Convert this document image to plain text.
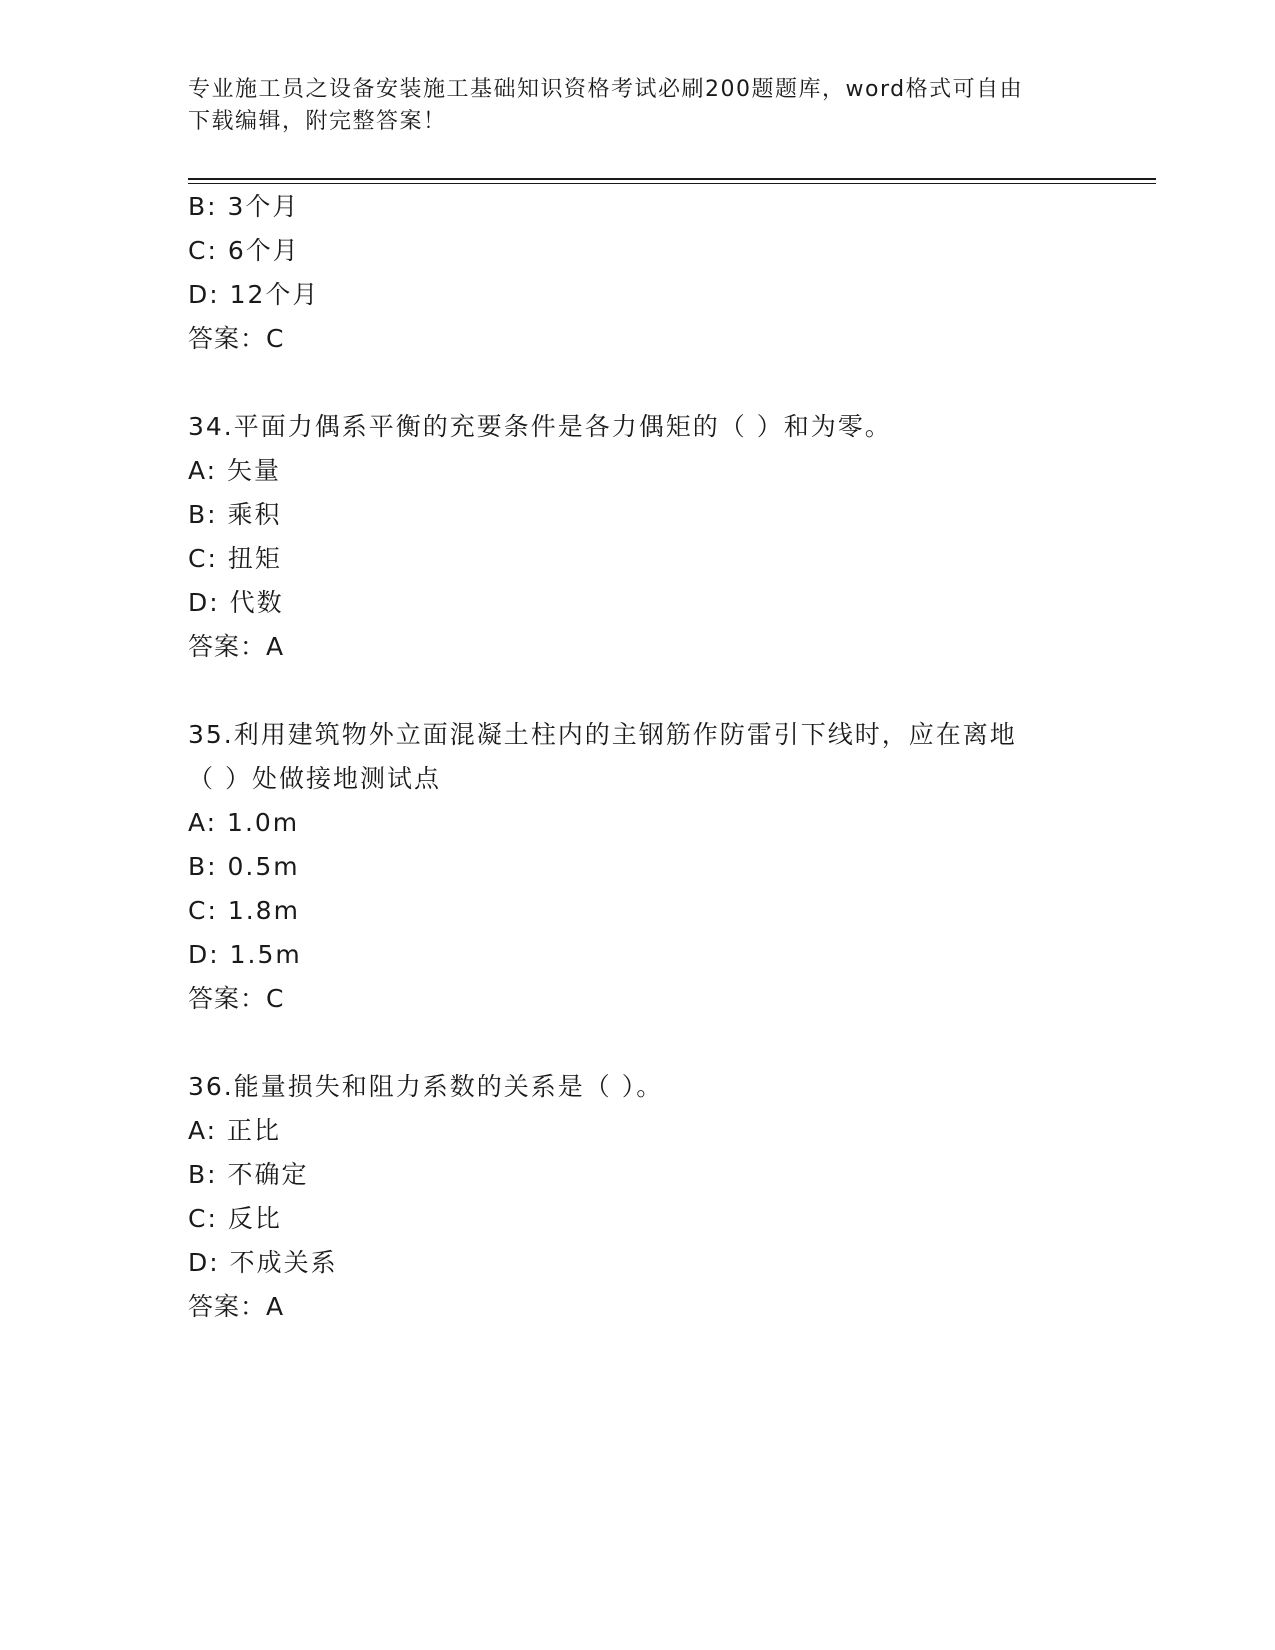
专业施工员之设备安装施工基础知识资格考试必刷200题题库，word格式可自由
下载编辑，附完整答案！
B: 3个月
C: 6个月
D: 12个月
答案：C
34.平面力偶系平衡的充要条件是各力偶矩的（ ）和为零。
A: 矢量
B: 乘积
C: 扭矩
D: 代数
答案：A
35.利用建筑物外立面混凝土柱内的主钢筋作防雷引下线时，应在离地
（ ）处做接地测试点
A: 1.0m
B: 0.5m
C: 1.8m
D: 1.5m
答案：C
36.能量损失和阻力系数的关系是（ ）。
A: 正比
B: 不确定
C: 反比
D: 不成关系
答案：A
